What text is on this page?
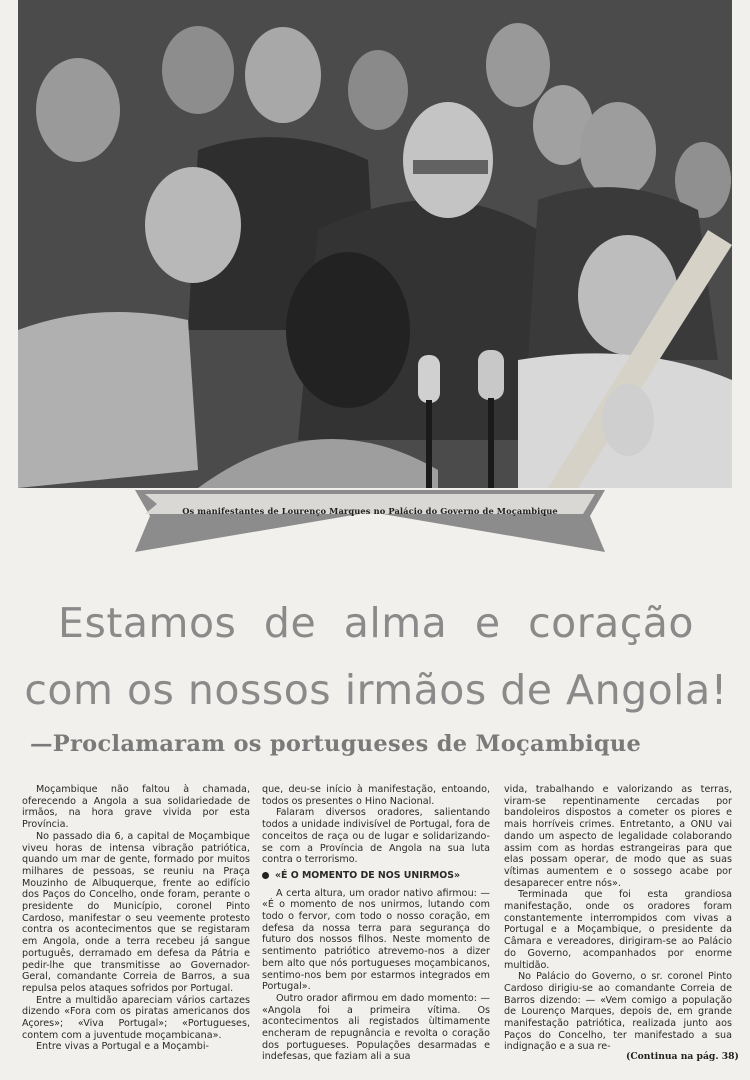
Os manifestantes de Lourenço Marques no Palácio do Governo de Moçambique
Estamos de alma e coração
com os nossos irmãos de Angola!
—Proclamaram os portugueses de Moçambique

Moçambique não faltou à chamada, oferecendo a Angola a sua solidariedade de irmãos, na hora grave vivida por esta Província.

No passado dia 6, a capital de Moçambique viveu horas de intensa vibração patriótica, quando um mar de gente, formado por muitos milhares de pessoas, se reuniu na Praça Mouzinho de Albuquerque, frente ao edifício dos Paços do Concelho, onde foram, perante o presidente do Município, coronel Pinto Cardoso, manifestar o seu veemente protesto contra os acontecimentos que se registaram em Angola, onde a terra recebeu já sangue português, derramado em defesa da Pátria e pedir-lhe que transmitisse ao Governador-Geral, comandante Correia de Barros, a sua repulsa pelos ataques sofridos por Portugal.

Entre a multidão apareciam vários cartazes dizendo «Fora com os piratas americanos dos Açores»; «Viva Portugal»; «Portugueses, contem com a juventude moçambicana».

Entre vivas a Portugal e a Moçambi-

que, deu-se início à manifestação, entoando, todos os presentes o Hino Nacional.

Falaram diversos oradores, salientando todos a unidade indivisível de Portugal, fora de conceitos de raça ou de lugar e solidarizando-se com a Província de Angola na sua luta contra o terrorismo.

«É O MOMENTO DE NOS UNIRMOS»

A certa altura, um orador nativo afirmou: — «É o momento de nos unirmos, lutando com todo o fervor, com todo o nosso coração, em defesa da nossa terra para segurança do futuro dos nossos filhos. Neste momento de sentimento patriótico atrevemo-nos a dizer bem alto que nós portugueses moçambicanos, sentimo-nos bem por estarmos integrados em Portugal».

Outro orador afirmou em dado momento: — «Angola foi a primeira vítima. Os acontecimentos ali registados ùltimamente encheram de repugnância e revolta o coração dos portugueses. Populações desarmadas e indefesas, que faziam ali a sua

vida, trabalhando e valorizando as terras, viram-se repentinamente cercadas por bandoleiros dispostos a cometer os piores e mais horríveis crimes. Entretanto, a ONU vai dando um aspecto de legalidade colaborando assim com as hordas estrangeiras para que elas possam operar, de modo que as suas vítimas aumentem e o sossego acabe por desaparecer entre nós».

Terminada que foi esta grandiosa manifestação, onde os oradores foram constantemente interrompidos com vivas a Portugal e a Moçambique, o presidente da Câmara e vereadores, dirigiram-se ao Palácio do Governo, acompanhados por enorme multidão.

No Palácio do Governo, o sr. coronel Pinto Cardoso dirigiu-se ao comandante Correia de Barros dizendo: — «Vem comigo a população de Lourenço Marques, depois de, em grande manifestação patriótica, realizada junto aos Paços do Concelho, ter manifestado a sua indignação e a sua re-

(Continua na pág. 38)
